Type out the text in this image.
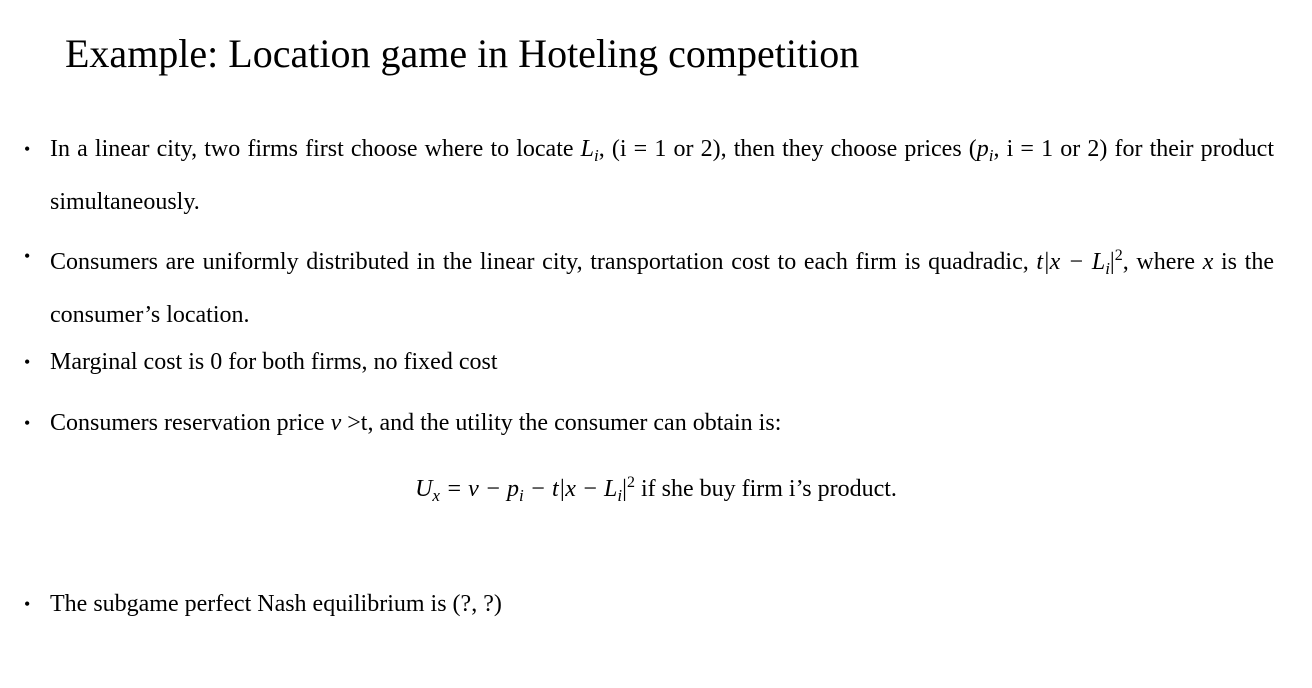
Example: Location game in Hoteling competition
• In a linear city, two firms first choose where to locate $L_i$, (i = 1 or 2), then they choose prices ($p_i$, i = 1 or 2) for their product simultaneously.
• Consumers are uniformly distributed in the linear city, transportation cost to each firm is quadradic, $t|x - L_i|^2$, where x is the consumer’s location.
• Marginal cost is 0 for both firms, no fixed cost
• Consumers reservation price v >t, and the utility the consumer can obtain is:
$U_x = v - p_i - t|x - L_i|^2$ if she buy firm i’s product.
• The subgame perfect Nash equilibrium is (?, ?)
